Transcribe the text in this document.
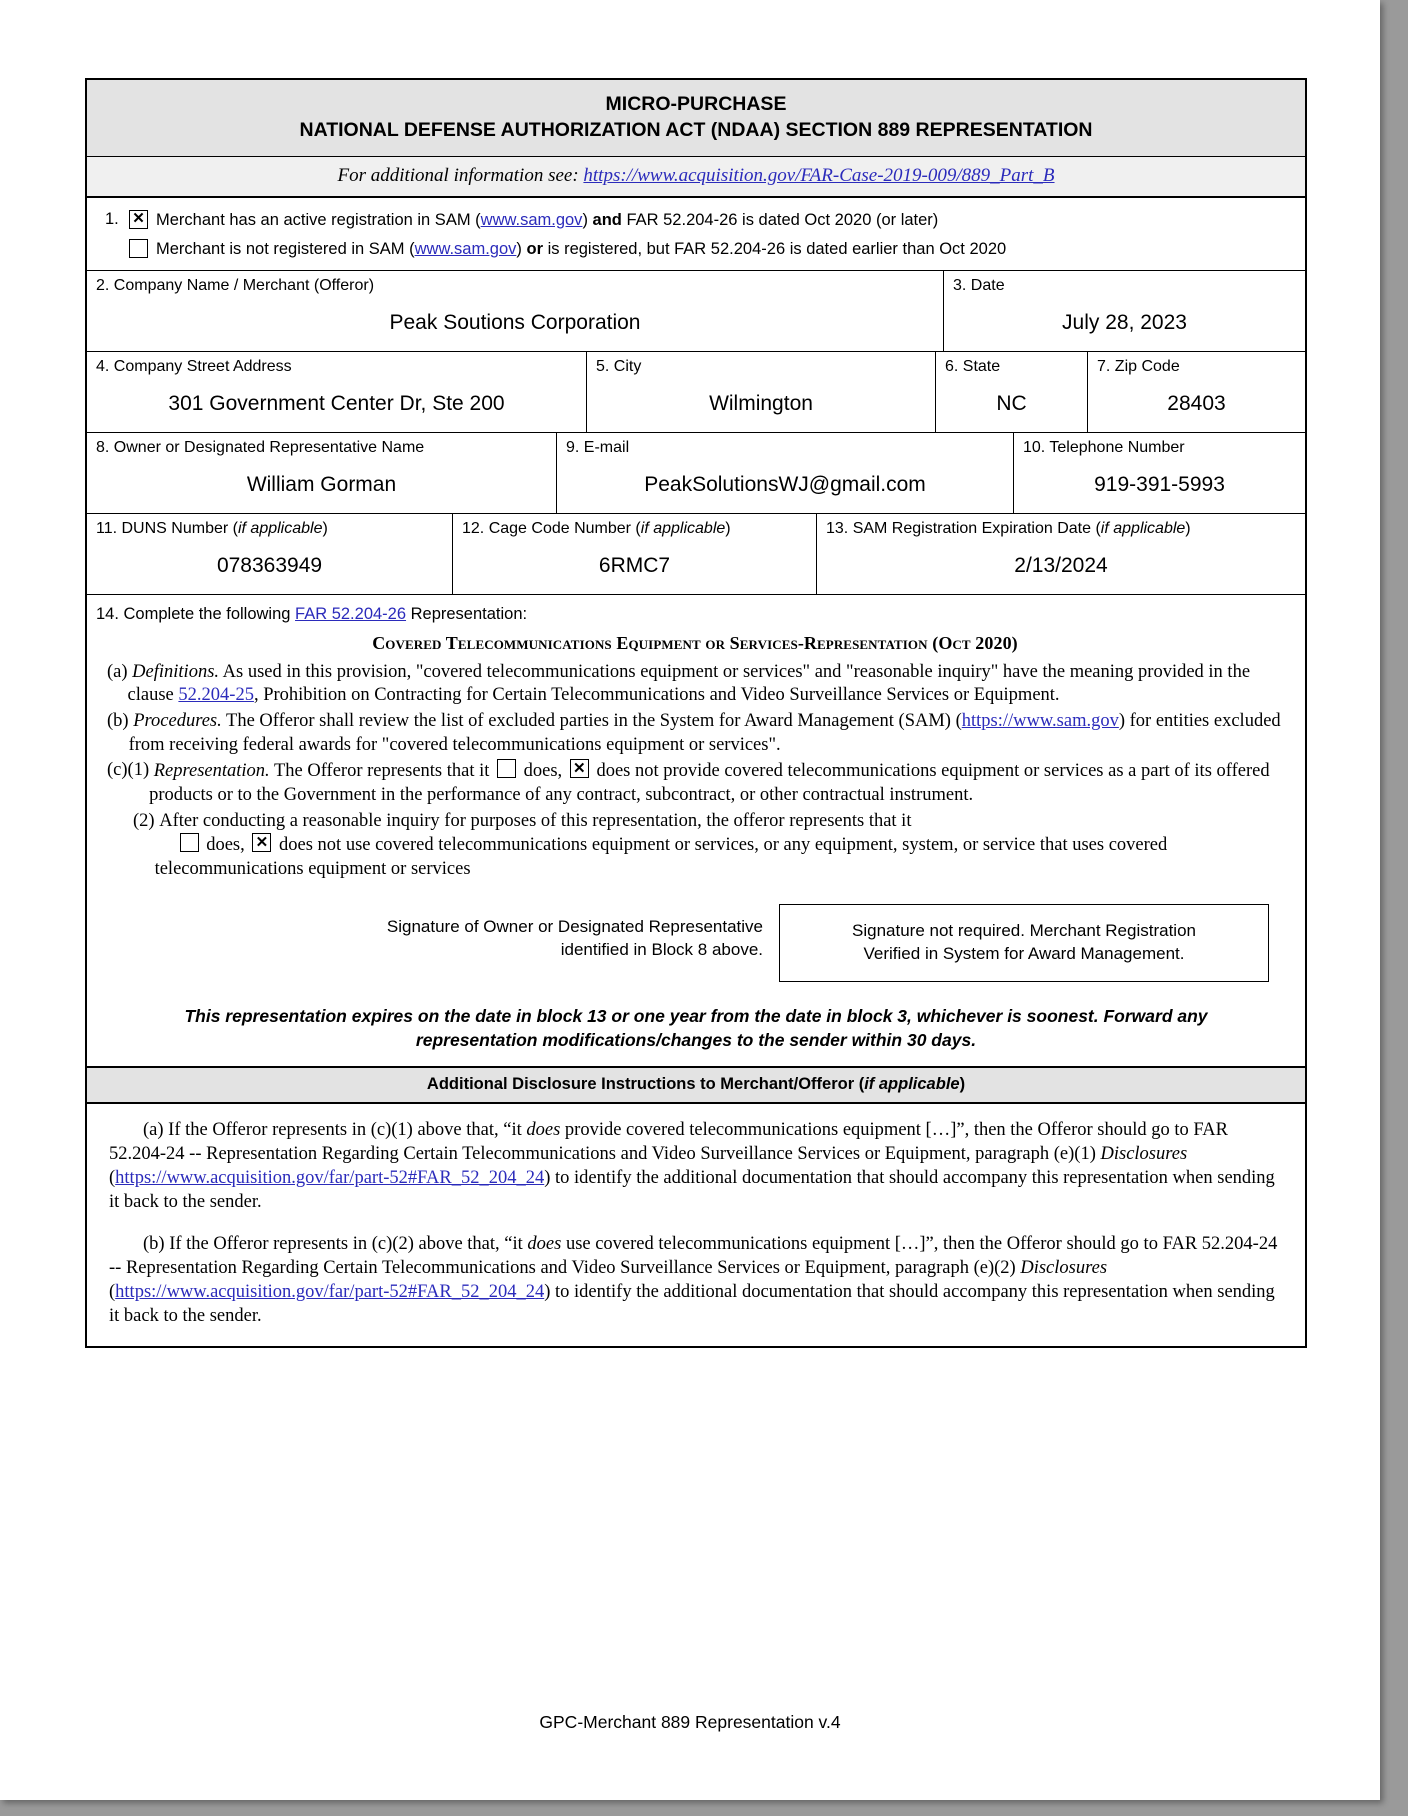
MICRO-PURCHASE
NATIONAL DEFENSE AUTHORIZATION ACT (NDAA) SECTION 889 REPRESENTATION
For additional information see: https://www.acquisition.gov/FAR-Case-2019-009/889_Part_B
1. ✕	Merchant has an active registration in SAM (www.sam.gov) and FAR 52.204-26 is dated Oct 2020 (or later)
Merchant is not registered in SAM (www.sam.gov) or is registered, but FAR 52.204-26 is dated earlier than Oct 2020
2. Company Name / Merchant (Offeror)
Peak Soutions Corporation
3. Date
July 28, 2023
4. Company Street Address
301 Government Center Dr, Ste 200
5. City
Wilmington
6. State
NC
7. Zip Code
28403
8. Owner or Designated Representative Name
William Gorman
9. E-mail
PeakSolutionsWJ@gmail.com
10. Telephone Number
919-391-5993
11. DUNS Number (if applicable)
078363949
12. Cage Code Number (if applicable)
6RMC7
13. SAM Registration Expiration Date (if applicable)
2/13/2024
14. Complete the following FAR 52.204-26 Representation:
Covered Telecommunications Equipment or Services-Representation (Oct 2020)
(a) Definitions. As used in this provision, "covered telecommunications equipment or services" and "reasonable inquiry" have the meaning provided in the clause 52.204-25, Prohibition on Contracting for Certain Telecommunications and Video Surveillance Services or Equipment.
(b) Procedures. The Offeror shall review the list of excluded parties in the System for Award Management (SAM) (https://www.sam.gov) for entities excluded from receiving federal awards for "covered telecommunications equipment or services".
(c)(1) Representation. The Offeror represents that it  does, ✕ does not provide covered telecommunications equipment or services as a part of its offered products or to the Government in the performance of any contract, subcontract, or other contractual instrument.
(2) After conducting a reasonable inquiry for purposes of this representation, the offeror represents that it
does, ✕ does not use covered telecommunications equipment or services, or any equipment, system, or service that uses covered telecommunications equipment or services
Signature of Owner or Designated Representative
identified in Block 8 above.
Signature not required. Merchant Registration
Verified in System for Award Management.
This representation expires on the date in block 13 or one year from the date in block 3, whichever is soonest. Forward any representation modifications/changes to the sender within 30 days.
Additional Disclosure Instructions to Merchant/Offeror (if applicable)

(a) If the Offeror represents in (c)(1) above that, “it does provide covered telecommunications equipment […]”, then the Offeror should go to FAR 52.204-24 -- Representation Regarding Certain Telecommunications and Video Surveillance Services or Equipment, paragraph (e)(1) Disclosures (https://www.acquisition.gov/far/part-52#FAR_52_204_24) to identify the additional documentation that should accompany this representation when sending it back to the sender.

(b) If the Offeror represents in (c)(2) above that, “it does use covered telecommunications equipment […]”, then the Offeror should go to FAR 52.204-24 -- Representation Regarding Certain Telecommunications and Video Surveillance Services or Equipment, paragraph (e)(2) Disclosures (https://www.acquisition.gov/far/part-52#FAR_52_204_24) to identify the additional documentation that should accompany this representation when sending it back to the sender.

GPC-Merchant 889 Representation v.4
